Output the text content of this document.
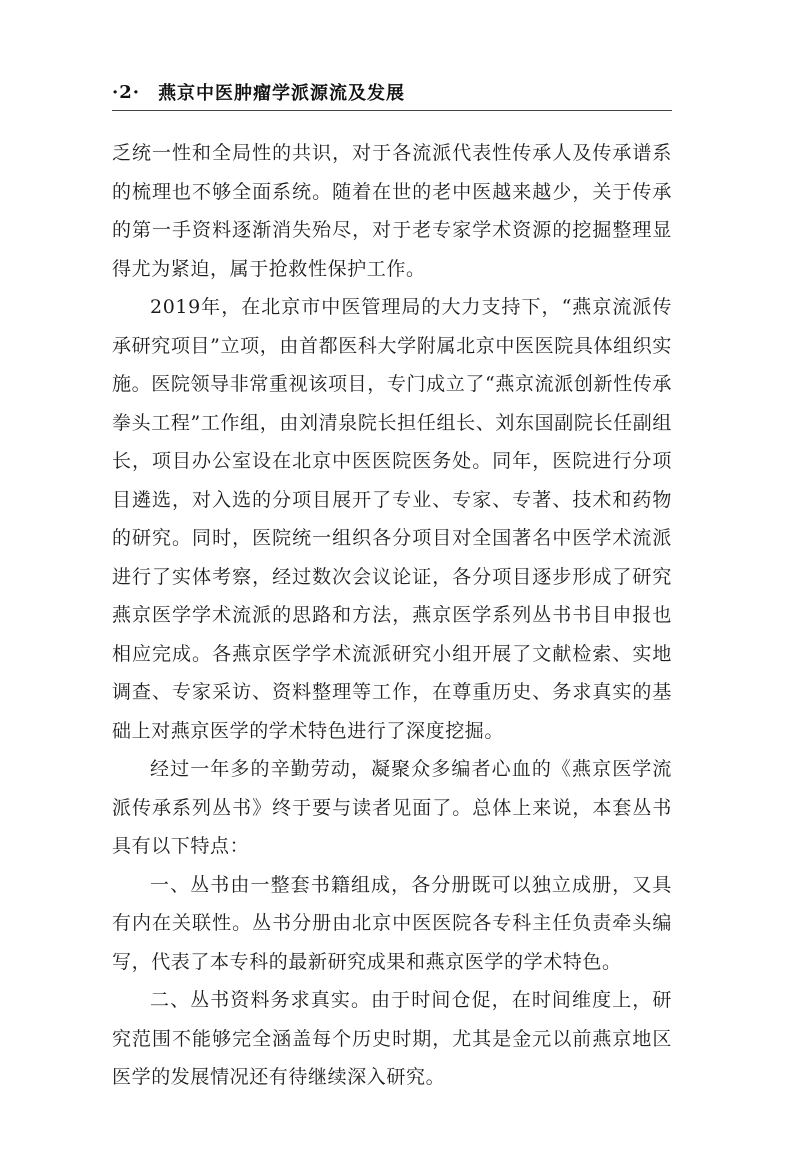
·2· 燕京中医肿瘤学派源流及发展

乏统一性和全局性的共识，对于各流派代表性传承人及传承谱系的梳理也不够全面系统。随着在世的老中医越来越少，关于传承的第一手资料逐渐消失殆尽，对于老专家学术资源的挖掘整理显得尤为紧迫，属于抢救性保护工作。

2019年，在北京市中医管理局的大力支持下，“燕京流派传承研究项目”立项，由首都医科大学附属北京中医医院具体组织实施。医院领导非常重视该项目，专门成立了“燕京流派创新性传承拳头工程”工作组，由刘清泉院长担任组长、刘东国副院长任副组长，项目办公室设在北京中医医院医务处。同年，医院进行分项目遴选，对入选的分项目展开了专业、专家、专著、技术和药物的研究。同时，医院统一组织各分项目对全国著名中医学术流派进行了实体考察，经过数次会议论证，各分项目逐步形成了研究燕京医学学术流派的思路和方法，燕京医学系列丛书书目申报也相应完成。各燕京医学学术流派研究小组开展了文献检索、实地调查、专家采访、资料整理等工作，在尊重历史、务求真实的基础上对燕京医学的学术特色进行了深度挖掘。

经过一年多的辛勤劳动，凝聚众多编者心血的《燕京医学流派传承系列丛书》终于要与读者见面了。总体上来说，本套丛书具有以下特点：

一、丛书由一整套书籍组成，各分册既可以独立成册，又具有内在关联性。丛书分册由北京中医医院各专科主任负责牵头编写，代表了本专科的最新研究成果和燕京医学的学术特色。

二、丛书资料务求真实。由于时间仓促，在时间维度上，研究范围不能够完全涵盖每个历史时期，尤其是金元以前燕京地区医学的发展情况还有待继续深入研究。
